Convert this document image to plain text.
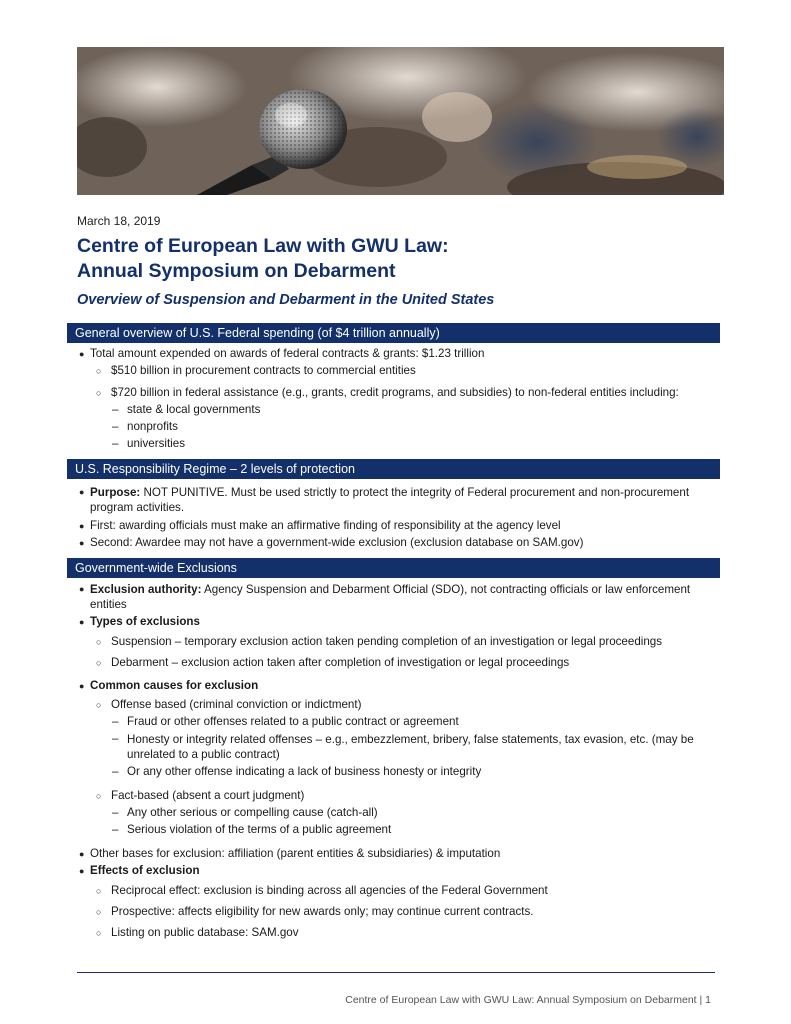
March 18, 2019
Centre of European Law with GWU Law:
Annual Symposium on Debarment
Overview of Suspension and Debarment in the United States
General overview of U.S. Federal spending (of $4 trillion annually)
● Total amount expended on awards of federal contracts & grants: $1.23 trillion
○ $510 billion in procurement contracts to commercial entities
○ $720 billion in federal assistance (e.g., grants, credit programs, and subsidies) to non-federal entities including:
– state & local governments
– nonprofits
– universities
U.S. Responsibility Regime – 2 levels of protection
● Purpose: NOT PUNITIVE. Must be used strictly to protect the integrity of Federal procurement and non-procurement program activities.
● First: awarding officials must make an affirmative finding of responsibility at the agency level
● Second: Awardee may not have a government-wide exclusion (exclusion database on SAM.gov)
Government-wide Exclusions
● Exclusion authority: Agency Suspension and Debarment Official (SDO), not contracting officials or law enforcement entities
● Types of exclusions
○ Suspension – temporary exclusion action taken pending completion of an investigation or legal proceedings
○ Debarment – exclusion action taken after completion of investigation or legal proceedings
● Common causes for exclusion
○ Offense based (criminal conviction or indictment)
– Fraud or other offenses related to a public contract or agreement
– Honesty or integrity related offenses – e.g., embezzlement, bribery, false statements, tax evasion, etc. (may be unrelated to a public contract)
– Or any other offense indicating a lack of business honesty or integrity
○ Fact-based (absent a court judgment)
– Any other serious or compelling cause (catch-all)
– Serious violation of the terms of a public agreement
● Other bases for exclusion: affiliation (parent entities & subsidiaries) & imputation
● Effects of exclusion
○ Reciprocal effect: exclusion is binding across all agencies of the Federal Government
○ Prospective: affects eligibility for new awards only; may continue current contracts.
○ Listing on public database: SAM.gov
Centre of European Law with GWU Law: Annual Symposium on Debarment | 1
